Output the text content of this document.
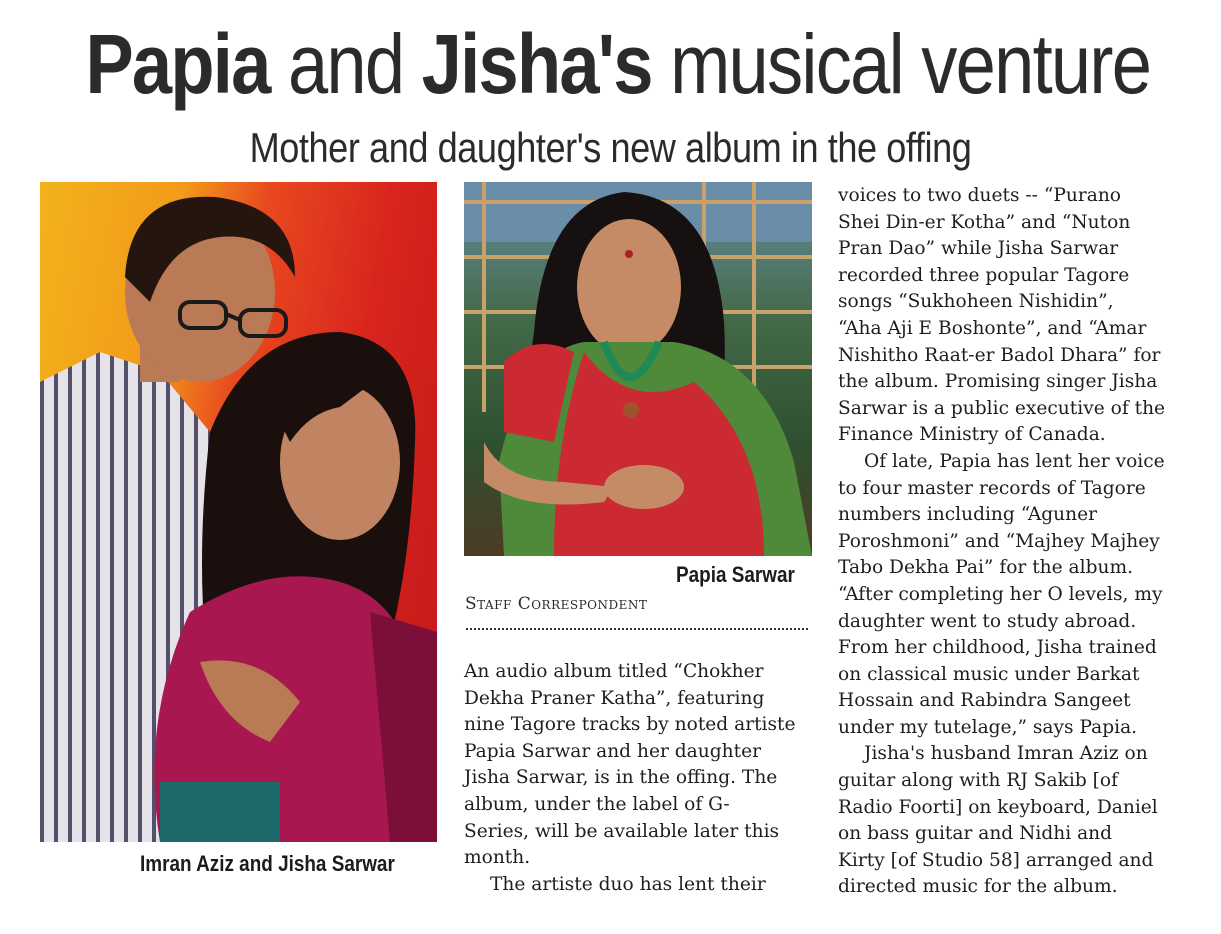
Papia and Jisha's musical venture
Mother and daughter's new album in the offing
Imran Aziz and Jisha Sarwar
Papia Sarwar
Staff Correspondent

An audio album titled “Chokher

Dekha Praner Katha”, featuring

nine Tagore tracks by noted artiste

Papia Sarwar and her daughter

Jisha Sarwar, is in the offing. The

album, under the label of G-

Series, will be available later this

month.

The artiste duo has lent their

voices to two duets -- “Purano

Shei Din-er Kotha” and “Nuton

Pran Dao” while Jisha Sarwar

recorded three popular Tagore

songs “Sukhoheen Nishidin”,

“Aha Aji E Boshonte”, and “Amar

Nishitho Raat-er Badol Dhara” for

the album. Promising singer Jisha

Sarwar is a public executive of the

Finance Ministry of Canada.

Of late, Papia has lent her voice

to four master records of Tagore

numbers including “Aguner

Poroshmoni” and “Majhey Majhey

Tabo Dekha Pai” for the album.

“After completing her O levels, my

daughter went to study abroad.

From her childhood, Jisha trained

on classical music under Barkat

Hossain and Rabindra Sangeet

under my tutelage,” says Papia.

Jisha's husband Imran Aziz on

guitar along with RJ Sakib [of

Radio Foorti] on keyboard, Daniel

on bass guitar and Nidhi and

Kirty [of Studio 58] arranged and

directed music for the album.
